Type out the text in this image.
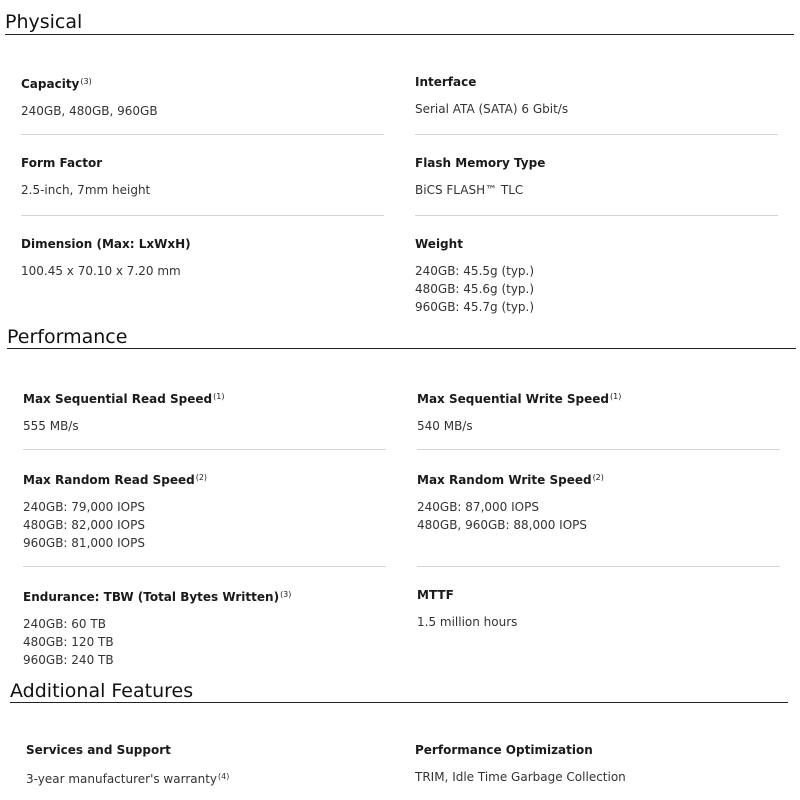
Physical
Capacity$^{(3)}$
240GB, 480GB, 960GB
Interface
Serial ATA (SATA) 6 Gbit/s
Form Factor
2.5-inch, 7mm height
Flash Memory Type
BiCS FLASH™ TLC
Dimension (Max: LxWxH)
100.45 x 70.10 x 7.20 mm
Weight
240GB: 45.5g (typ.)
480GB: 45.6g (typ.)
960GB: 45.7g (typ.)
Performance
Max Sequential Read Speed$^{(1)}$
555 MB/s
Max Sequential Write Speed$^{(1)}$
540 MB/s
Max Random Read Speed$^{(2)}$
240GB: 79,000 IOPS
480GB: 82,000 IOPS
960GB: 81,000 IOPS
Max Random Write Speed$^{(2)}$
240GB: 87,000 IOPS
480GB, 960GB: 88,000 IOPS
Endurance: TBW (Total Bytes Written)$^{(3)}$
240GB: 60 TB
480GB: 120 TB
960GB: 240 TB
MTTF
1.5 million hours
Additional Features
Services and Support
3-year manufacturer's warranty$^{(4)}$
Performance Optimization
TRIM, Idle Time Garbage Collection
